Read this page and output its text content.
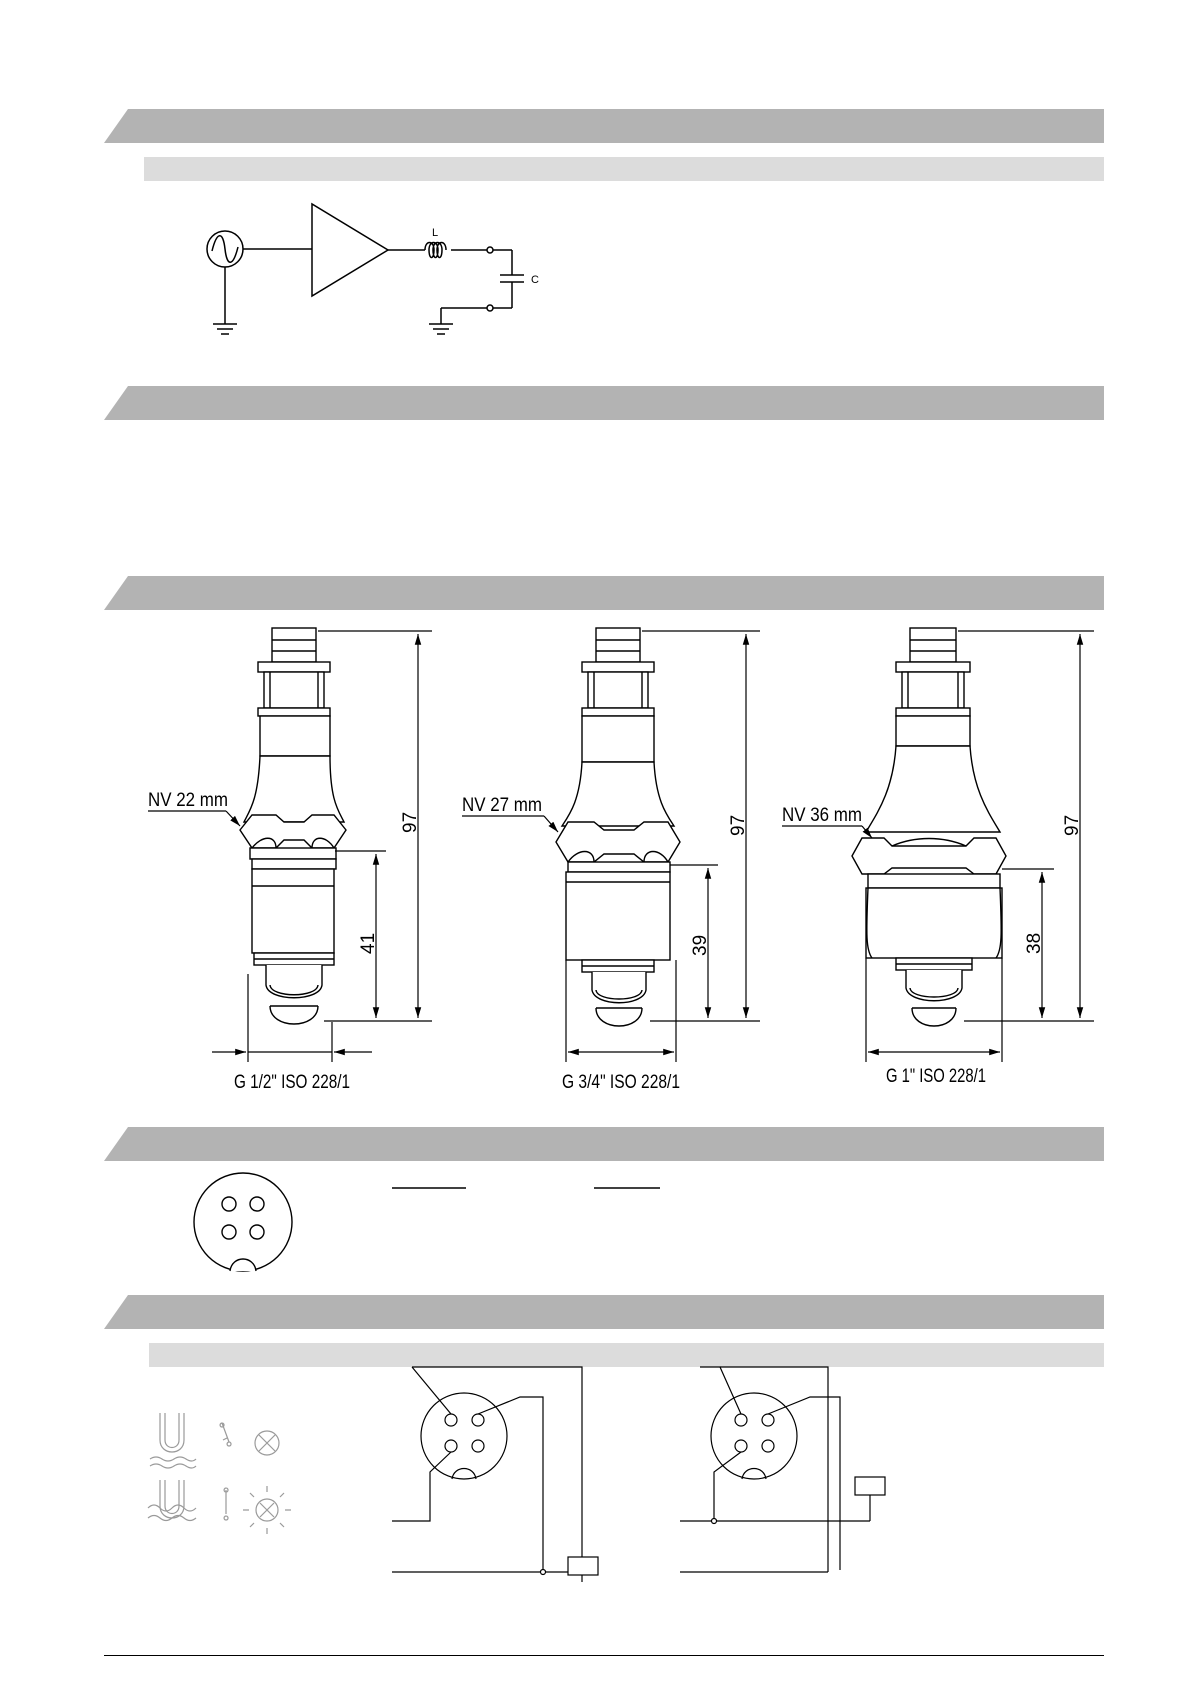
L
C
NV 22 mm
97
41
G 1/2" ISO 228/1
NV 27 mm
97
39
G 3/4" ISO 228/1
NV 36 mm	97
38
G 1" ISO 228/1
